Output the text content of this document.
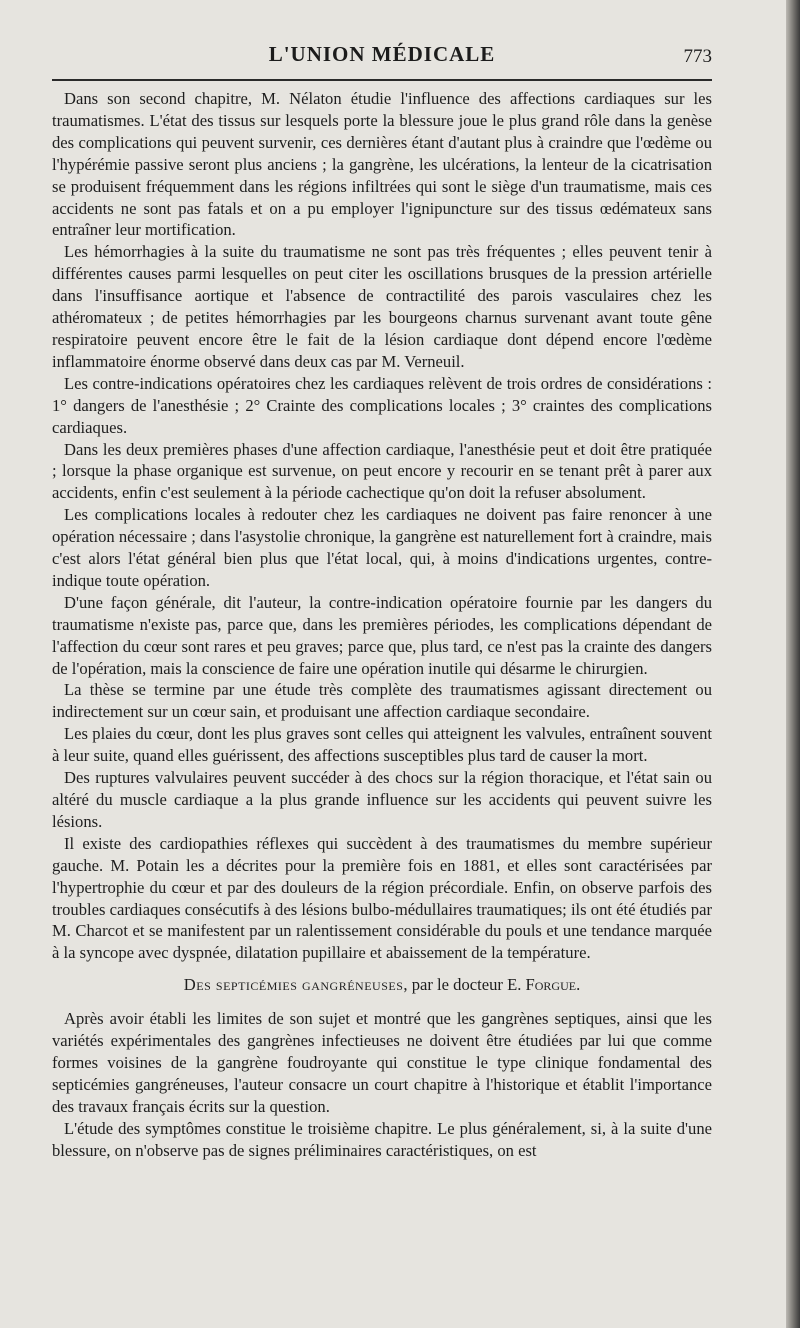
L'UNION MÉDICALE	773

Dans son second chapitre, M. Nélaton étudie l'influence des affections cardiaques sur les traumatismes. L'état des tissus sur lesquels porte la blessure joue le plus grand rôle dans la genèse des complications qui peuvent survenir, ces dernières étant d'autant plus à craindre que l'œdème ou l'hypérémie passive seront plus anciens ; la gangrène, les ulcérations, la lenteur de la cicatrisation se produisent fréquemment dans les régions infiltrées qui sont le siège d'un traumatisme, mais ces accidents ne sont pas fatals et on a pu employer l'ignipuncture sur des tissus œdémateux sans entraîner leur mortification.

Les hémorrhagies à la suite du traumatisme ne sont pas très fréquentes ; elles peuvent tenir à différentes causes parmi lesquelles on peut citer les oscillations brusques de la pression artérielle dans l'insuffisance aortique et l'absence de contractilité des parois vasculaires chez les athéromateux ; de petites hémorrhagies par les bourgeons charnus survenant avant toute gêne respiratoire peuvent encore être le fait de la lésion cardiaque dont dépend encore l'œdème inflammatoire énorme observé dans deux cas par M. Verneuil.

Les contre-indications opératoires chez les cardiaques relèvent de trois ordres de considérations : 1° dangers de l'anesthésie ; 2° Crainte des complications locales ; 3° craintes des complications cardiaques.

Dans les deux premières phases d'une affection cardiaque, l'anesthésie peut et doit être pratiquée ; lorsque la phase organique est survenue, on peut encore y recourir en se tenant prêt à parer aux accidents, enfin c'est seulement à la période cachectique qu'on doit la refuser absolument.

Les complications locales à redouter chez les cardiaques ne doivent pas faire renoncer à une opération nécessaire ; dans l'asystolie chronique, la gangrène est naturellement fort à craindre, mais c'est alors l'état général bien plus que l'état local, qui, à moins d'indications urgentes, contre-indique toute opération.

D'une façon générale, dit l'auteur, la contre-indication opératoire fournie par les dangers du traumatisme n'existe pas, parce que, dans les premières périodes, les complications dépendant de l'affection du cœur sont rares et peu graves; parce que, plus tard, ce n'est pas la crainte des dangers de l'opération, mais la conscience de faire une opération inutile qui désarme le chirurgien.

La thèse se termine par une étude très complète des traumatismes agissant directement ou indirectement sur un cœur sain, et produisant une affection cardiaque secondaire.

Les plaies du cœur, dont les plus graves sont celles qui atteignent les valvules, entraînent souvent à leur suite, quand elles guérissent, des affections susceptibles plus tard de causer la mort.

Des ruptures valvulaires peuvent succéder à des chocs sur la région thoracique, et l'état sain ou altéré du muscle cardiaque a la plus grande influence sur les accidents qui peuvent suivre les lésions.

Il existe des cardiopathies réflexes qui succèdent à des traumatismes du membre supérieur gauche. M. Potain les a décrites pour la première fois en 1881, et elles sont caractérisées par l'hypertrophie du cœur et par des douleurs de la région précordiale. Enfin, on observe parfois des troubles cardiaques consécutifs à des lésions bulbo-médullaires traumatiques; ils ont été étudiés par M. Charcot et se manifestent par un ralentissement considérable du pouls et une tendance marquée à la syncope avec dyspnée, dilatation pupillaire et abaissement de la température.

Des septicémies gangréneuses, par le docteur E. Forgue.

Après avoir établi les limites de son sujet et montré que les gangrènes septiques, ainsi que les variétés expérimentales des gangrènes infectieuses ne doivent être étudiées par lui que comme formes voisines de la gangrène foudroyante qui constitue le type clinique fondamental des septicémies gangréneuses, l'auteur consacre un court chapitre à l'historique et établit l'importance des travaux français écrits sur la question.

L'étude des symptômes constitue le troisième chapitre. Le plus généralement, si, à la suite d'une blessure, on n'observe pas de signes préliminaires caractéristiques, on est
